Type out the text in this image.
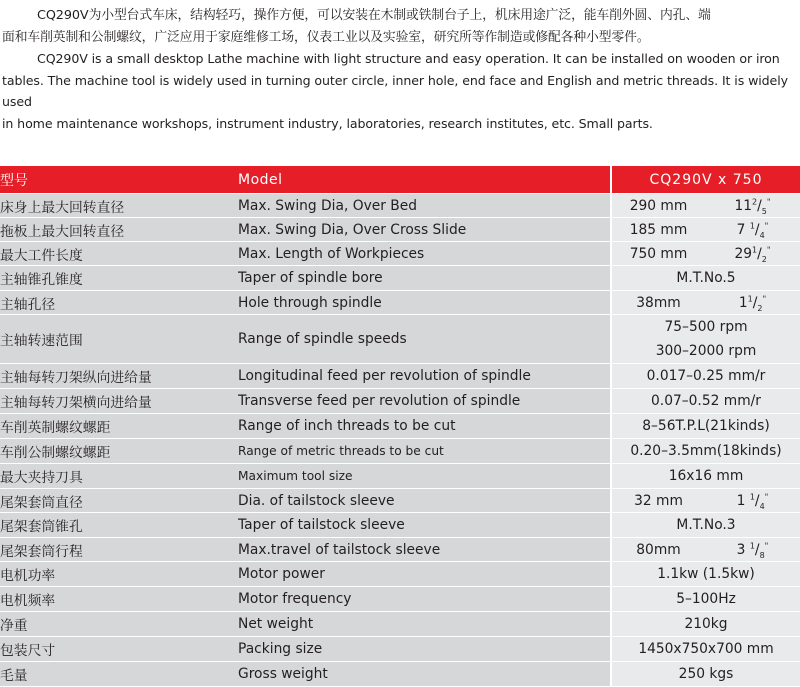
CQ290V为小型台式车床，结构轻巧，操作方便，可以安装在木制或铁制台子上，机床用途广泛，能车削外圆、内孔、端

面和车削英制和公制螺纹，广泛应用于家庭维修工场，仪表工业以及实验室，研究所等作制造或修配各种小型零件。

CQ290V is a small desktop Lathe machine with light structure and easy operation. It can be installed on wooden or iron

tables. The machine tool is widely used in turning outer circle, inner hole, end face and English and metric threads. It is widely used

in home maintenance workshops, instrument industry, laboratories, research institutes, etc. Small parts.

型号	Model	CQ290V x 750	
床身上最大回转直径	Max. Swing Dia, Over Bed	290 mm	$11^2/_5^"$
拖板上最大回转直径	Max. Swing Dia, Over Cross Slide	185 mm	7 $^1/_4^"$
最大工件长度	Max. Length of Workpieces	750 mm	$29^1/_2^"$
主轴锥孔锥度	Taper of spindle bore	M.T.No.5	

主轴孔径	Hole through spindle	38mm	$1^1/_2^"$
主轴转速范围	Range of spindle speeds	75–500 rpm
300–2000 rpm	

主轴每转刀架纵向进给量	Longitudinal feed per revolution of spindle	0.017–0.25 mm/r	

主轴每转刀架横向进给量	Transverse feed per revolution of spindle	0.07–0.52 mm/r	

车削英制螺纹螺距	Range of inch threads to be cut	8–56T.P.L(21kinds)	

车削公制螺纹螺距	Range of metric threads to be cut	0.20–3.5mm(18kinds)	

最大夹持刀具	Maximum tool size	16x16 mm	

尾架套筒直径	Dia. of tailstock sleeve	32 mm	1 $^1/_4^"$
尾架套筒锥孔	Taper of tailstock sleeve	M.T.No.3	

尾架套筒行程	Max.travel of tailstock sleeve	80mm	3 $^1/_8^"$
电机功率	Motor power	1.1kw (1.5kw)	

电机频率	Motor frequency	5–100Hz	

净重	Net weight	210kg	

包装尺寸	Packing size	1450x750x700 mm	

毛量	Gross weight	250 kgs	
